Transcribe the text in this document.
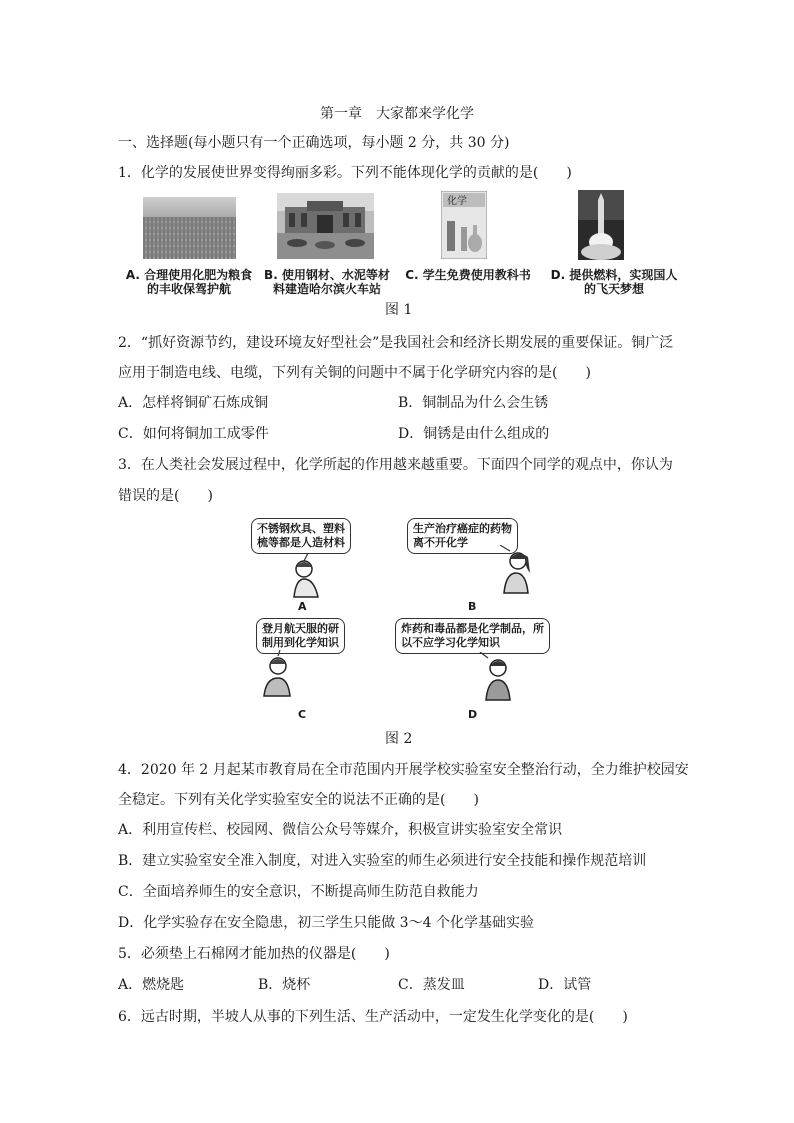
第一章　大家都来学化学
一、选择题(每小题只有一个正确选项，每小题 2 分，共 30 分)
1．化学的发展使世界变得绚丽多彩。下列不能体现化学的贡献的是(　　)
化学
A. 合理使用化肥为粮食
的丰收保驾护航
B. 使用钢材、水泥等材
料建造哈尔滨火车站
C. 学生免费使用教科书	D. 提供燃料，实现国人
的飞天梦想
图 1
2．“抓好资源节约，建设环境友好型社会”是我国社会和经济长期发展的重要保证。铜广泛
应用于制造电线、电缆，下列有关铜的问题中不属于化学研究内容的是(　　)
A．怎样将铜矿石炼成铜	B．铜制品为什么会生锈
C．如何将铜加工成零件	D．铜锈是由什么组成的
3．在人类社会发展过程中，化学所起的作用越来越重要。下面四个同学的观点中，你认为
错误的是(　　)
不锈钢炊具、塑料
梳等都是人造材料
生产治疗癌症的药物
离不开化学
登月航天服的研
制用到化学知识
炸药和毒品都是化学制品，所
以不应学习化学知识
A	B
C	D
图 2
4．2020 年 2 月起某市教育局在全市范围内开展学校实验室安全整治行动，全力维护校园安
全稳定。下列有关化学实验室安全的说法不正确的是(　　)
A．利用宣传栏、校园网、微信公众号等媒介，积极宣讲实验室安全常识
B．建立实验室安全准入制度，对进入实验室的师生必须进行安全技能和操作规范培训
C．全面培养师生的安全意识，不断提高师生防范自救能力
D．化学实验存在安全隐患，初三学生只能做 3～4 个化学基础实验
5．必须垫上石棉网才能加热的仪器是(　　)
A．燃烧匙	B．烧杯	C．蒸发皿	D．试管
6．远古时期，半坡人从事的下列生活、生产活动中，一定发生化学变化的是(　　)
